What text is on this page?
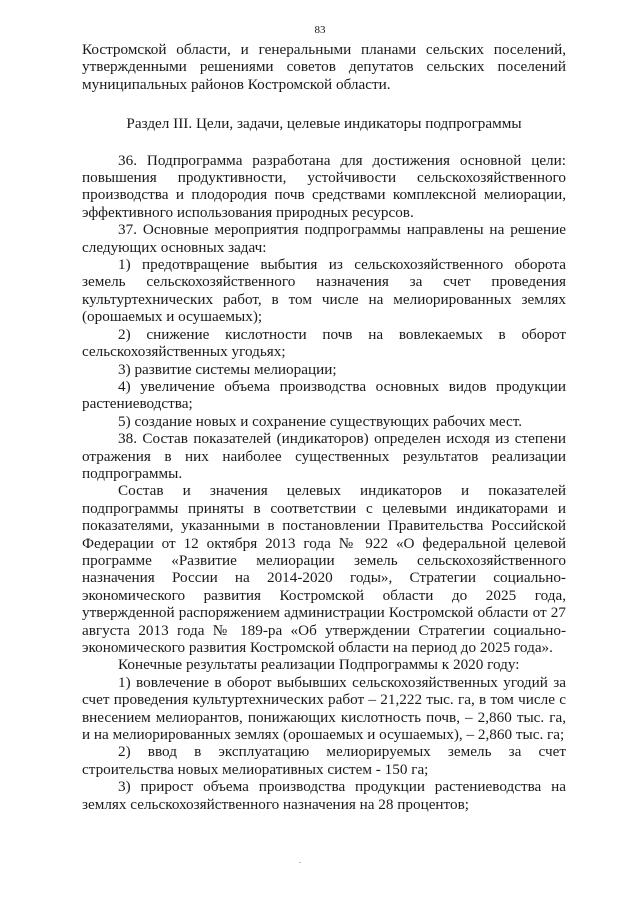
83

Костромской области, и генеральными планами сельских поселений, утвержденными решениями советов депутатов сельских поселений муниципальных районов Костромской области.

Раздел III. Цели, задачи, целевые индикаторы подпрограммы

36. Подпрограмма разработана для достижения основной цели: повышения продуктивности, устойчивости сельскохозяйственного производства и плодородия почв средствами комплексной мелиорации, эффективного использования природных ресурсов.

37. Основные мероприятия подпрограммы направлены на решение следующих основных задач:

1) предотвращение выбытия из сельскохозяйственного оборота земель сельскохозяйственного назначения за счет проведения культуртехнических работ, в том числе на мелиорированных землях (орошаемых и осушаемых);

2) снижение кислотности почв на вовлекаемых в оборот сельскохозяйственных угодьях;

3) развитие системы мелиорации;

4) увеличение объема производства основных видов продукции растениеводства;

5) создание новых и сохранение существующих рабочих мест.

38. Состав показателей (индикаторов) определен исходя из степени отражения в них наиболее существенных результатов реализации подпрограммы.

Состав и значения целевых индикаторов и показателей подпрограммы приняты в соответствии с целевыми индикаторами и показателями, указанными в постановлении Правительства Российской Федерации от 12 октября 2013 года № 922 «О федеральной целевой программе «Развитие мелиорации земель сельскохозяйственного назначения России на 2014-2020 годы», Стратегии социально-экономического развития Костромской области до 2025 года, утвержденной распоряжением администрации Костромской области от 27 августа 2013 года № 189-ра «Об утверждении Стратегии социально-экономического развития Костромской области на период до 2025 года».

Конечные результаты реализации Подпрограммы к 2020 году:

1) вовлечение в оборот выбывших сельскохозяйственных угодий за счет проведения культуртехнических работ – 21,222 тыс. га, в том числе с внесением мелиорантов, понижающих кислотность почв, – 2,860 тыс. га, и на мелиорированных землях (орошаемых и осушаемых), – 2,860 тыс. га;

2) ввод в эксплуатацию мелиорируемых земель за счет строительства новых мелиоративных систем - 150 га;

3) прирост объема производства продукции растениеводства на землях сельскохозяйственного назначения на 28 процентов;
